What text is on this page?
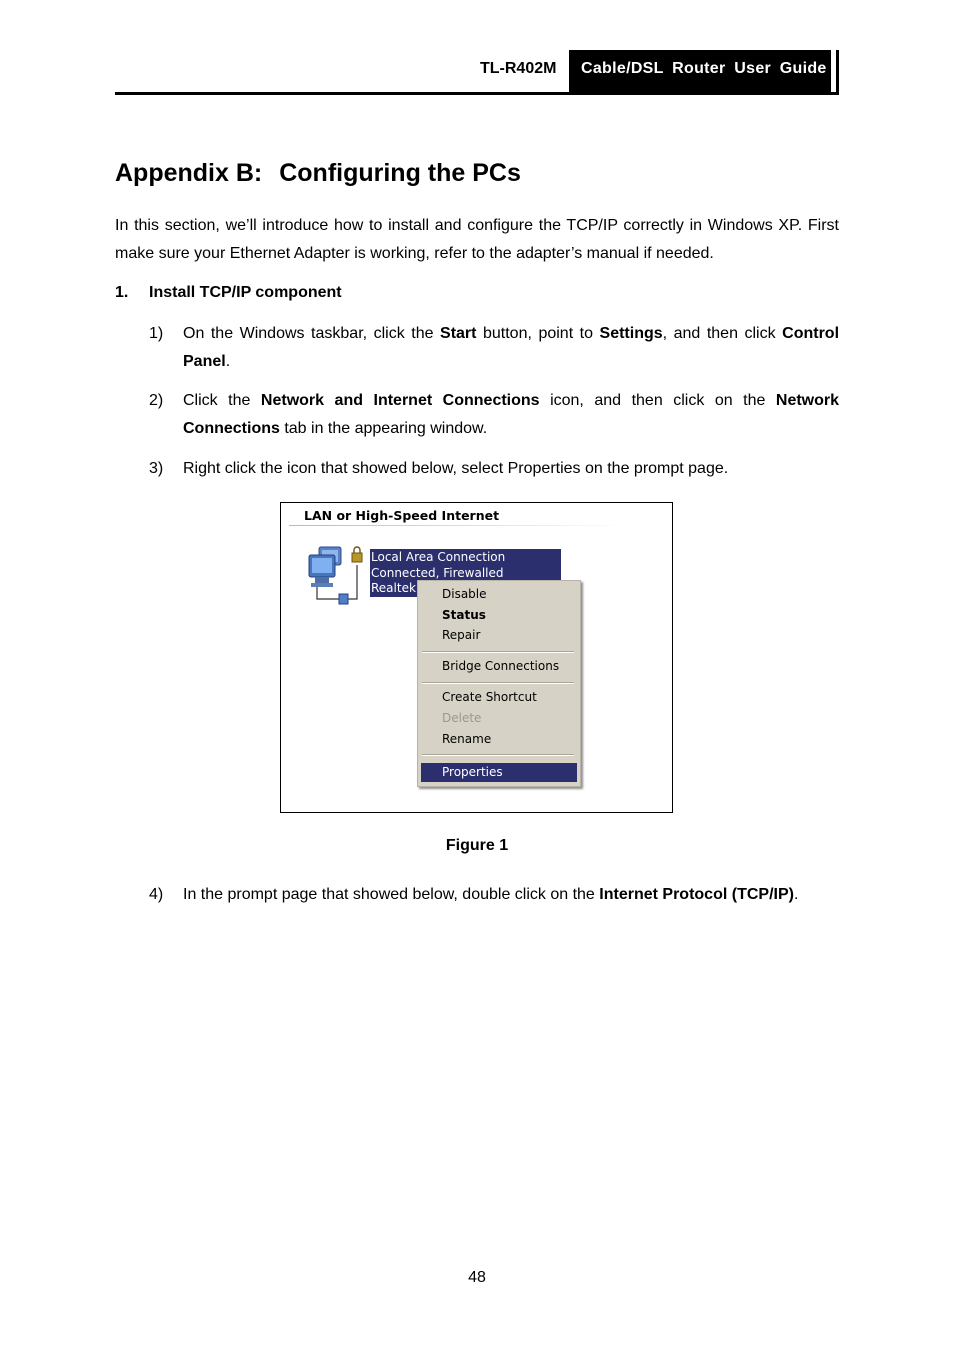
TL-R402M	Cable/DSL Router User Guide
Appendix B: Configuring the PCs
In this section, we’ll introduce how to install and configure the TCP/IP correctly in Windows XP. First make sure your Ethernet Adapter is working, refer to the adapter’s manual if needed.
1. Install TCP/IP component
1) On the Windows taskbar, click the Start button, point to Settings, and then click Control Panel.
2) Click the Network and Internet Connections icon, and then click on the Network Connections tab in the appearing window.
3) Right click the icon that showed below, select Properties on the prompt page.
LAN or High-Speed Internet
Local Area Connection
Connected, Firewalled
Realtek Disable
Status
Repair
Bridge Connections
Create Shortcut
Delete
Rename
Properties
Figure 1
4) In the prompt page that showed below, double click on the Internet Protocol (TCP/IP).
48
